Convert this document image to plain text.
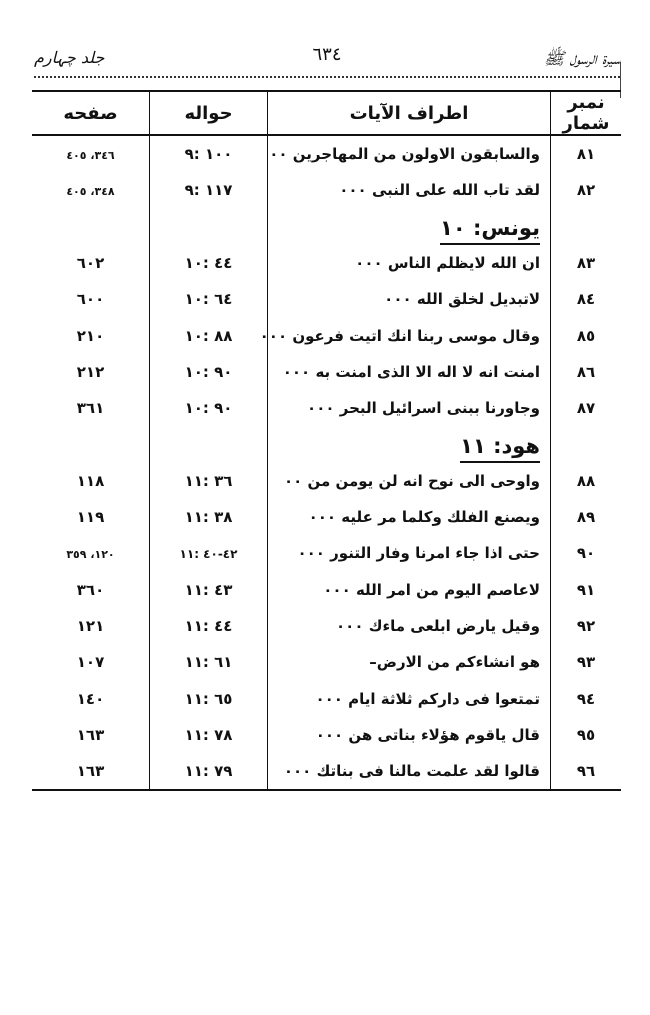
سیرۃ الرسول ﷺ
٦٣٤
جلد چہارم
نمبر شمار	اطراف الآيات	حواله	صفحه
٨١	والسابقون الاولون من المهاجرين ٠٠	٩: ١٠٠	٣٤٦، ٤٠٥
٨٢	لقد تاب الله على النبى ٠٠٠	٩: ١١٧	٣٤٨، ٤٠٥
	يونس: ١٠		
٨٣	ان الله لايظلم الناس ٠٠٠	١٠: ٤٤	٦٠٢
٨٤	لاتبديل لخلق الله ٠٠٠	١٠: ٦٤	٦٠٠
٨٥	وقال موسى ربنا انك اتيت فرعون ٠٠٠	١٠: ٨٨	٢١٠
٨٦	امنت انه لا اله الا الذى امنت به ٠٠٠	١٠: ٩٠	٢١٢
٨٧	وجاورنا ببنى اسرائيل البحر ٠٠٠	١٠: ٩٠	٣٦١
	هود: ١١		
٨٨	واوحى الى نوح انه لن يومن من ٠٠	١١: ٣٦	١١٨
٨٩	ويصنع الفلك وكلما مر عليه ٠٠٠	١١: ٣٨	١١٩
٩٠	حتى اذا جاء امرنا وفار التنور ٠٠٠	١١: ٤٠-٤٢	١٢٠، ٣٥٩
٩١	لاعاصم اليوم من امر الله ٠٠٠	١١: ٤٣	٣٦٠
٩٢	وقيل يارض ابلعى ماءك ٠٠٠	١١: ٤٤	١٢١
٩٣	هو انشاءكم من الارض–	١١: ٦١	١٠٧
٩٤	تمتعوا فى داركم ثلاثة ايام ٠٠٠	١١: ٦٥	١٤٠
٩٥	قال ياقوم هؤلاء بناتى هن ٠٠٠	١١: ٧٨	١٦٣
٩٦	قالوا لقد علمت مالنا فى بناتك ٠٠٠	١١: ٧٩	١٦٣
